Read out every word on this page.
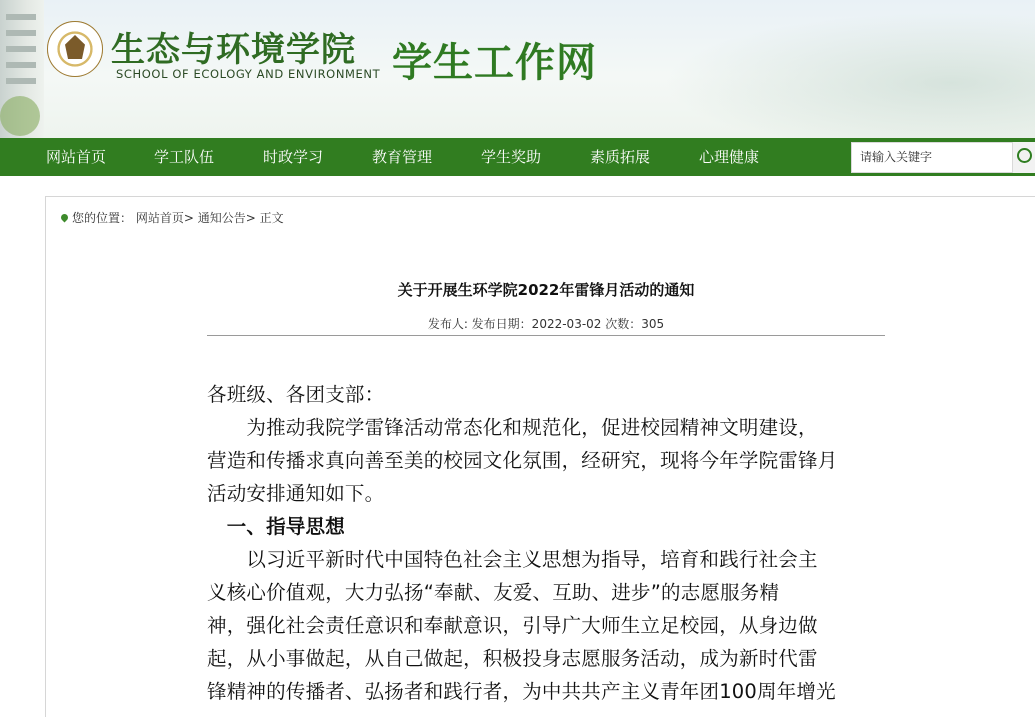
生态与环境学院
SCHOOL OF ECOLOGY AND ENVIRONMENT 学生工作网
网站首页	学工队伍	时政学习	教育管理	学生奖助	素质拓展	心理健康	请输入关键字
您的位置： 网站首页> 通知公告> 正文
关于开展生环学院2022年雷锋月活动的通知
发布人: 发布日期：2022-03-02 次数：305
各班级、各团支部：
　　为推动我院学雷锋活动常态化和规范化，促进校园精神文明建设，
营造和传播求真向善至美的校园文化氛围，经研究，现将今年学院雷锋月
活动安排通知如下。
　一、指导思想
　　以习近平新时代中国特色社会主义思想为指导，培育和践行社会主
义核心价值观，大力弘扬“奉献、友爱、互助、进步”的志愿服务精
神，强化社会责任意识和奉献意识，引导广大师生立足校园，从身边做
起，从小事做起，从自己做起，积极投身志愿服务活动，成为新时代雷
锋精神的传播者、弘扬者和践行者，为中共共产主义青年团100周年增光
